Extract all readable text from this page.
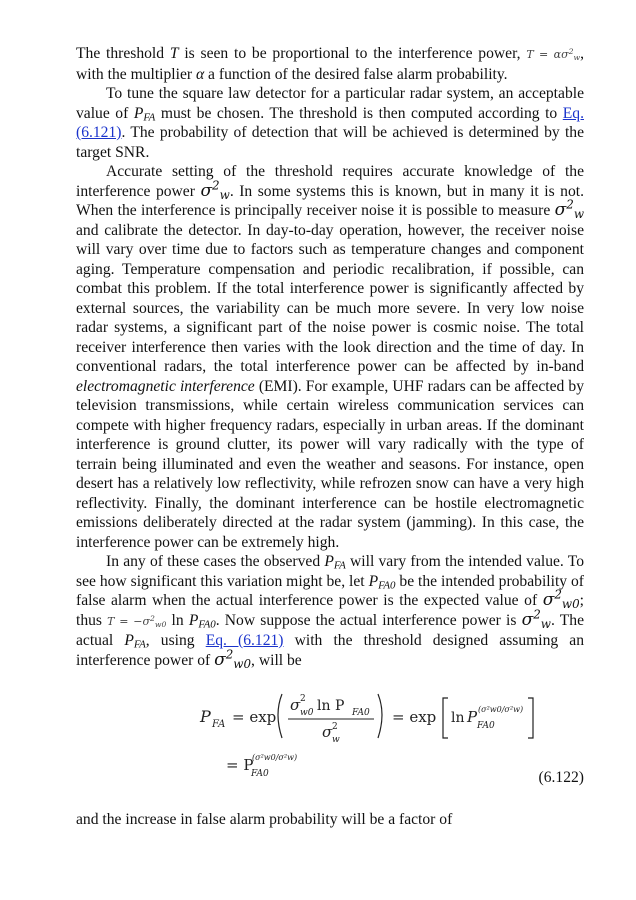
The threshold T is seen to be proportional to the interference power, $T = \alpha\sigma^2_w$, with the multiplier α a function of the desired false alarm probability.

To tune the square law detector for a particular radar system, an acceptable value of $P_{FA}$ must be chosen. The threshold is then computed according to Eq. (6.121). The probability of detection that will be achieved is determined by the target SNR.

Accurate setting of the threshold requires accurate knowledge of the interference power $\sigma^2_w$. In some systems this is known, but in many it is not. When the interference is principally receiver noise it is possible to measure $\sigma^2_w$ and calibrate the detector. In day-to-day operation, however, the receiver noise will vary over time due to factors such as temperature changes and component aging. Temperature compensation and periodic recalibration, if possible, can combat this problem. If the total interference power is significantly affected by external sources, the variability can be much more severe. In very low noise radar systems, a significant part of the noise power is cosmic noise. The total receiver interference then varies with the look direction and the time of day. In conventional radars, the total interference power can be affected by in-band electromagnetic interference (EMI). For example, UHF radars can be affected by television transmissions, while certain wireless communication services can compete with higher frequency radars, especially in urban areas. If the dominant interference is ground clutter, its power will vary radically with the type of terrain being illuminated and even the weather and seasons. For instance, open desert has a relatively low reflectivity, while refrozen snow can have a very high reflectivity. Finally, the dominant interference can be hostile electromagnetic emissions deliberately directed at the radar system (jamming). In this case, the interference power can be extremely high.

In any of these cases the observed $P_{FA}$ will vary from the intended value. To see how significant this variation might be, let $P_{FA0}$ be the intended probability of false alarm when the actual interference power is the expected value of $\sigma^2_{w0}$; thus $T = -\sigma^2_{w0}$ $\ln P_{FA0}$. Now suppose the actual interference power is $\sigma^2_w$. The actual $P_{FA}$, using Eq. (6.121) with the threshold designed assuming an interference power of $\sigma^2_{w0}$, will be

P FA = exp
σ 2
w0 ln P FA0
σ 2
w
= exp ln P FA0
(σ²w0/σ²w)
= P
FA0
(σ²w0/σ²w)
(6.122)

and the increase in false alarm probability will be a factor of
